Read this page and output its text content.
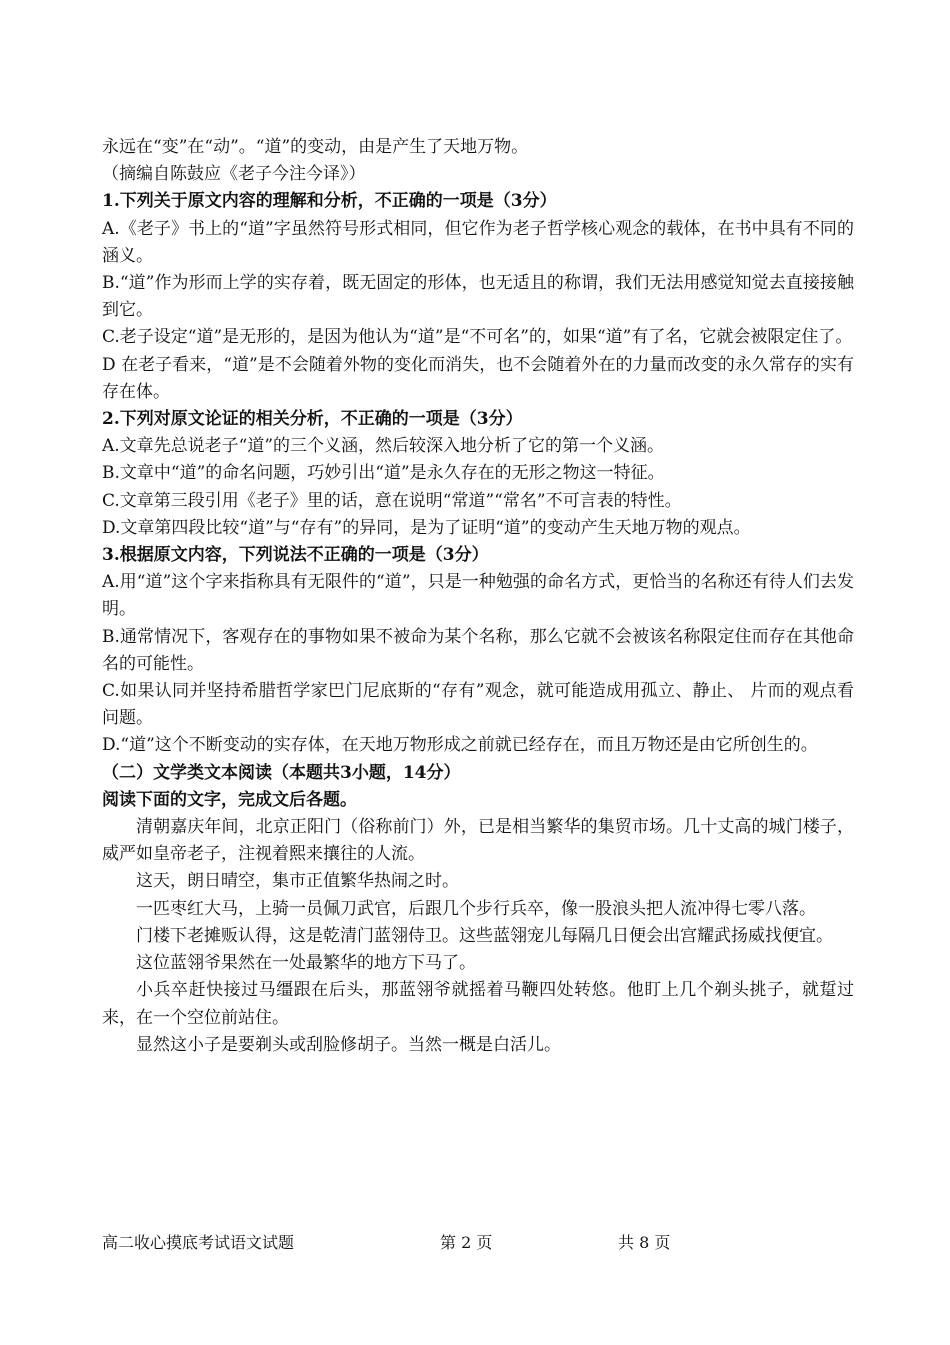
永远在“变”在“动”。“道”的变动，由是产生了天地万物。

（摘编自陈鼓应《老子今注今译》）

1.下列关于原文内容的理解和分析，不正确的一项是（3分）

A.《老子》书上的“道”字虽然符号形式相同，但它作为老子哲学核心观念的载体，在书中具有不同的涵义。

B.“道”作为形而上学的实存着，既无固定的形体，也无适且的称谓，我们无法用感觉知觉去直接接触到它。

C.老子设定“道”是无形的，是因为他认为“道”是“不可名”的，如果“道”有了名，它就会被限定住了。

D 在老子看来，“道”是不会随着外物的变化而消失，也不会随着外在的力量而改变的永久常存的实有存在体。

2.下列对原文论证的相关分析，不正确的一项是（3分）

A.文章先总说老子“道”的三个义涵，然后较深入地分析了它的第一个义涵。

B.文章中“道”的命名问题，巧妙引出“道”是永久存在的无形之物这一特征。

C.文章第三段引用《老子》里的话，意在说明“常道”“常名”不可言表的特性。

D.文章第四段比较“道”与“存有”的异同，是为了证明“道”的变动产生天地万物的观点。

3.根据原文内容，下列说法不正确的一项是（3分）

A.用“道”这个字来指称具有无限件的“道”，只是一种勉强的命名方式，更恰当的名称还有待人们去发明。

B.通常情况下，客观存在的事物如果不被命为某个名称，那么它就不会被该名称限定住而存在其他命名的可能性。

C.如果认同并坚持希腊哲学家巴门尼底斯的“存有”观念，就可能造成用孤立、静止、 片而的观点看问题。

D.“道”这个不断变动的实存体，在天地万物形成之前就已经存在，而且万物还是由它所创生的。

（二）文学类文本阅读（本题共3小题，14分）

阅读下面的文字，完成文后各题。

清朝嘉庆年间，北京正阳门（俗称前门）外，已是相当繁华的集贸市场。几十丈高的城门楼子，威严如皇帝老子，注视着熙来攘往的人流。

这天，朗日晴空，集市正值繁华热闹之时。

一匹枣红大马，上骑一员佩刀武官，后跟几个步行兵卒，像一股浪头把人流冲得七零八落。

门楼下老摊贩认得，这是乾清门蓝翎侍卫。这些蓝翎宠儿每隔几日便会出宫耀武扬威找便宜。

这位蓝翎爷果然在一处最繁华的地方下马了。

小兵卒赶快接过马缰跟在后头，那蓝翎爷就摇着马鞭四处转悠。他盯上几个剃头挑子，就踅过来，在一个空位前站住。

显然这小子是要剃头或刮脸修胡子。当然一概是白活儿。

高二收心摸底考试语文试题	第 2 页	共 8 页
